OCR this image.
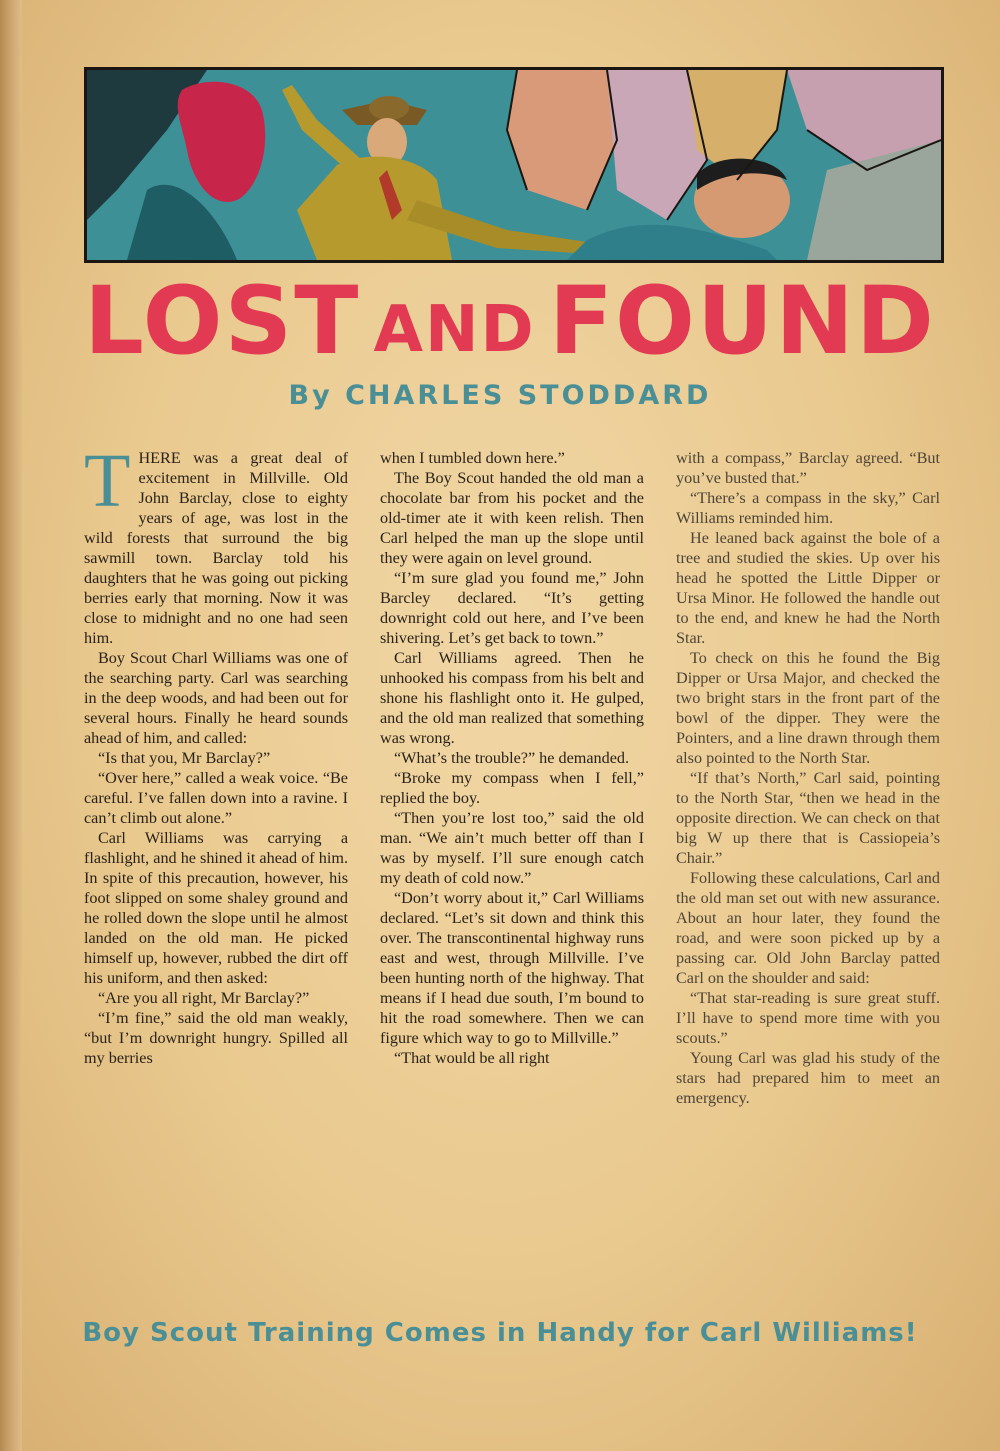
LOST AND FOUND
By CHARLES STODDARD

THERE was a great deal of excitement in Millville. Old John Barclay, close to eighty years of age, was lost in the wild forests that surround the big sawmill town. Barclay told his daughters that he was going out picking berries early that morning. Now it was close to midnight and no one had seen him.

Boy Scout Charl Williams was one of the searching party. Carl was searching in the deep woods, and had been out for several hours. Finally he heard sounds ahead of him, and called:

“Is that you, Mr Barclay?”

“Over here,” called a weak voice. “Be careful. I’ve fallen down into a ravine. I can’t climb out alone.”

Carl Williams was carrying a flashlight, and he shined it ahead of him. In spite of this precaution, however, his foot slipped on some shaley ground and he rolled down the slope until he almost landed on the old man. He picked himself up, however, rubbed the dirt off his uniform, and then asked:

“Are you all right, Mr Barclay?”

“I’m fine,” said the old man weakly, “but I’m downright hungry. Spilled all my berries

when I tumbled down here.”

The Boy Scout handed the old man a chocolate bar from his pocket and the old-timer ate it with keen relish. Then Carl helped the man up the slope until they were again on level ground.

“I’m sure glad you found me,” John Barcley declared. “It’s getting downright cold out here, and I’ve been shivering. Let’s get back to town.”

Carl Williams agreed. Then he unhooked his compass from his belt and shone his flashlight onto it. He gulped, and the old man realized that something was wrong.

“What’s the trouble?” he demanded.

“Broke my compass when I fell,” replied the boy.

“Then you’re lost too,” said the old man. “We ain’t much better off than I was by myself. I’ll sure enough catch my death of cold now.”

“Don’t worry about it,” Carl Williams declared. “Let’s sit down and think this over. The transcontinental highway runs east and west, through Millville. I’ve been hunting north of the highway. That means if I head due south, I’m bound to hit the road somewhere. Then we can figure which way to go to Millville.”

“That would be all right

with a compass,” Barclay agreed. “But you’ve busted that.”

“There’s a compass in the sky,” Carl Williams reminded him.

He leaned back against the bole of a tree and studied the skies. Up over his head he spotted the Little Dipper or Ursa Minor. He followed the handle out to the end, and knew he had the North Star.

To check on this he found the Big Dipper or Ursa Major, and checked the two bright stars in the front part of the bowl of the dipper. They were the Pointers, and a line drawn through them also pointed to the North Star.

“If that’s North,” Carl said, pointing to the North Star, “then we head in the opposite direction. We can check on that big W up there that is Cassiopeia’s Chair.”

Following these calculations, Carl and the old man set out with new assurance. About an hour later, they found the road, and were soon picked up by a passing car. Old John Barclay patted Carl on the shoulder and said:

“That star-reading is sure great stuff. I’ll have to spend more time with you scouts.”

Young Carl was glad his study of the stars had prepared him to meet an emergency.

Boy Scout Training Comes in Handy for Carl Williams!
